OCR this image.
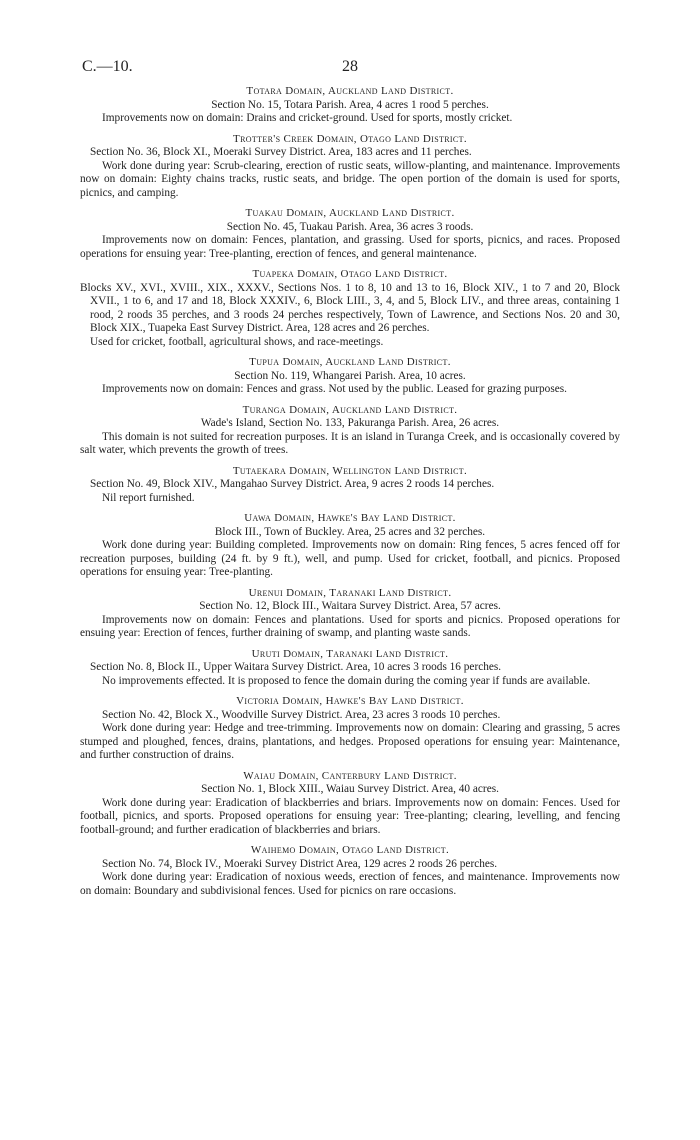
C.—10.	28
Totara Domain, Auckland Land District.
Section No. 15, Totara Parish. Area, 4 acres 1 rood 5 perches.
Improvements now on domain: Drains and cricket-ground. Used for sports, mostly cricket.
Trotter's Creek Domain, Otago Land District.
Section No. 36, Block XI., Moeraki Survey District. Area, 183 acres and 11 perches.
Work done during year: Scrub-clearing, erection of rustic seats, willow-planting, and maintenance. Improvements now on domain: Eighty chains tracks, rustic seats, and bridge. The open portion of the domain is used for sports, picnics, and camping.
Tuakau Domain, Auckland Land District.
Section No. 45, Tuakau Parish. Area, 36 acres 3 roods.
Improvements now on domain: Fences, plantation, and grassing. Used for sports, picnics, and races. Proposed operations for ensuing year: Tree-planting, erection of fences, and general maintenance.
Tuapeka Domain, Otago Land District.
Blocks XV., XVI., XVIII., XIX., XXXV., Sections Nos. 1 to 8, 10 and 13 to 16, Block XIV., 1 to 7 and 20, Block XVII., 1 to 6, and 17 and 18, Block XXXIV., 6, Block LIII., 3, 4, and 5, Block LIV., and three areas, containing 1 rood, 2 roods 35 perches, and 3 roods 24 perches respectively, Town of Lawrence, and Sections Nos. 20 and 30, Block XIX., Tuapeka East Survey District. Area, 128 acres and 26 perches.
Used for cricket, football, agricultural shows, and race-meetings.
Tupua Domain, Auckland Land District.
Section No. 119, Whangarei Parish. Area, 10 acres.
Improvements now on domain: Fences and grass. Not used by the public. Leased for grazing purposes.
Turanga Domain, Auckland Land District.
Wade's Island, Section No. 133, Pakuranga Parish. Area, 26 acres.
This domain is not suited for recreation purposes. It is an island in Turanga Creek, and is occasionally covered by salt water, which prevents the growth of trees.
Tutaekara Domain, Wellington Land District.
Section No. 49, Block XIV., Mangahao Survey District. Area, 9 acres 2 roods 14 perches.
Nil report furnished.
Uawa Domain, Hawke's Bay Land District.
Block III., Town of Buckley. Area, 25 acres and 32 perches.
Work done during year: Building completed. Improvements now on domain: Ring fences, 5 acres fenced off for recreation purposes, building (24 ft. by 9 ft.), well, and pump. Used for cricket, football, and picnics. Proposed operations for ensuing year: Tree-planting.
Urenui Domain, Taranaki Land District.
Section No. 12, Block III., Waitara Survey District. Area, 57 acres.
Improvements now on domain: Fences and plantations. Used for sports and picnics. Proposed operations for ensuing year: Erection of fences, further draining of swamp, and planting waste sands.
Uruti Domain, Taranaki Land District.
Section No. 8, Block II., Upper Waitara Survey District. Area, 10 acres 3 roods 16 perches.
No improvements effected. It is proposed to fence the domain during the coming year if funds are available.
Victoria Domain, Hawke's Bay Land District.
Section No. 42, Block X., Woodville Survey District. Area, 23 acres 3 roods 10 perches.
Work done during year: Hedge and tree-trimming. Improvements now on domain: Clearing and grassing, 5 acres stumped and ploughed, fences, drains, plantations, and hedges. Proposed operations for ensuing year: Maintenance, and further construction of drains.
Waiau Domain, Canterbury Land District.
Section No. 1, Block XIII., Waiau Survey District. Area, 40 acres.
Work done during year: Eradication of blackberries and briars. Improvements now on domain: Fences. Used for football, picnics, and sports. Proposed operations for ensuing year: Tree-planting; clearing, levelling, and fencing football-ground; and further eradication of blackberries and briars.
Waihemo Domain, Otago Land District.
Section No. 74, Block IV., Moeraki Survey District Area, 129 acres 2 roods 26 perches.
Work done during year: Eradication of noxious weeds, erection of fences, and maintenance. Improvements now on domain: Boundary and subdivisional fences. Used for picnics on rare occasions.
